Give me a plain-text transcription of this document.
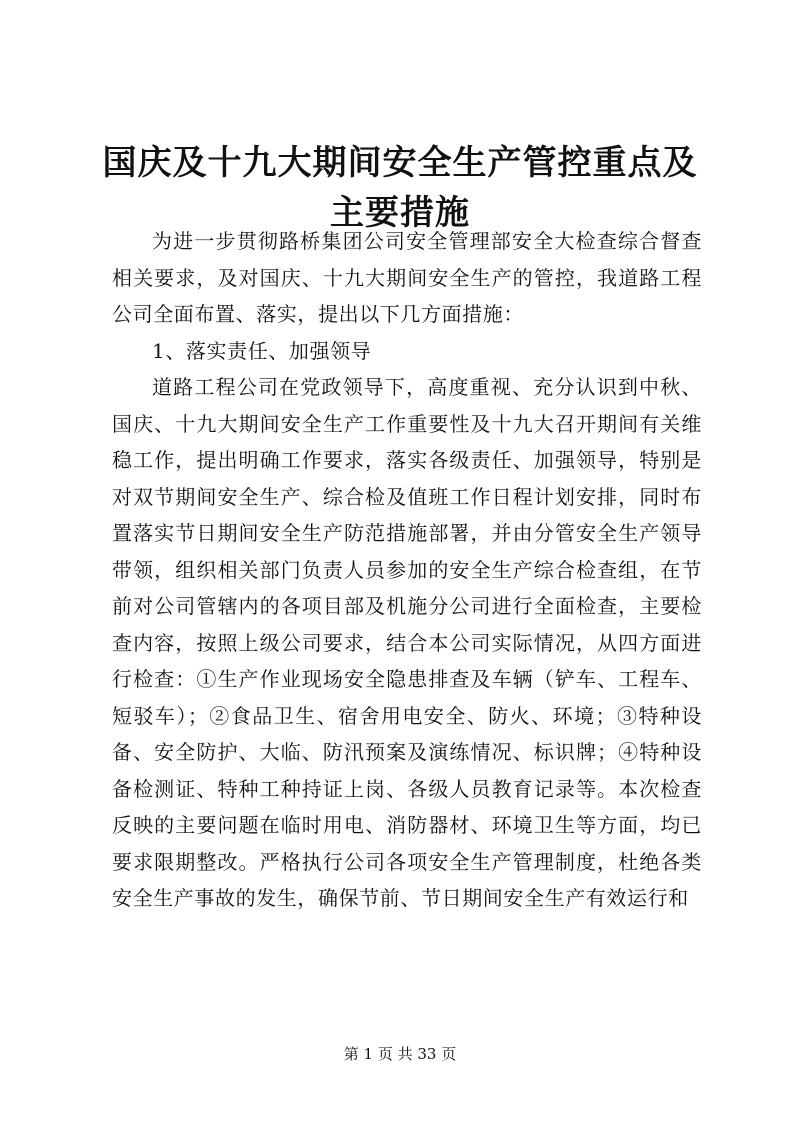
国庆及十九大期间安全生产管控重点及主要措施

为进一步贯彻路桥集团公司安全管理部安全大检查综合督查相关要求，及对国庆、十九大期间安全生产的管控，我道路工程公司全面布置、落实，提出以下几方面措施：

1、落实责任、加强领导

道路工程公司在党政领导下，高度重视、充分认识到中秋、国庆、十九大期间安全生产工作重要性及十九大召开期间有关维稳工作，提出明确工作要求，落实各级责任、加强领导，特别是对双节期间安全生产、综合检及值班工作日程计划安排，同时布置落实节日期间安全生产防范措施部署，并由分管安全生产领导带领，组织相关部门负责人员参加的安全生产综合检查组，在节前对公司管辖内的各项目部及机施分公司进行全面检查，主要检查内容，按照上级公司要求，结合本公司实际情况，从四方面进行检查：①生产作业现场安全隐患排查及车辆（铲车、工程车、短驳车）；②食品卫生、宿舍用电安全、防火、环境；③特种设备、安全防护、大临、防汛预案及演练情况、标识牌；④特种设备检测证、特种工种持证上岗、各级人员教育记录等。本次检查反映的主要问题在临时用电、消防器材、环境卫生等方面，均已要求限期整改。严格执行公司各项安全生产管理制度，杜绝各类安全生产事故的发生，确保节前、节日期间安全生产有效运行和

第 1 页 共 33 页
